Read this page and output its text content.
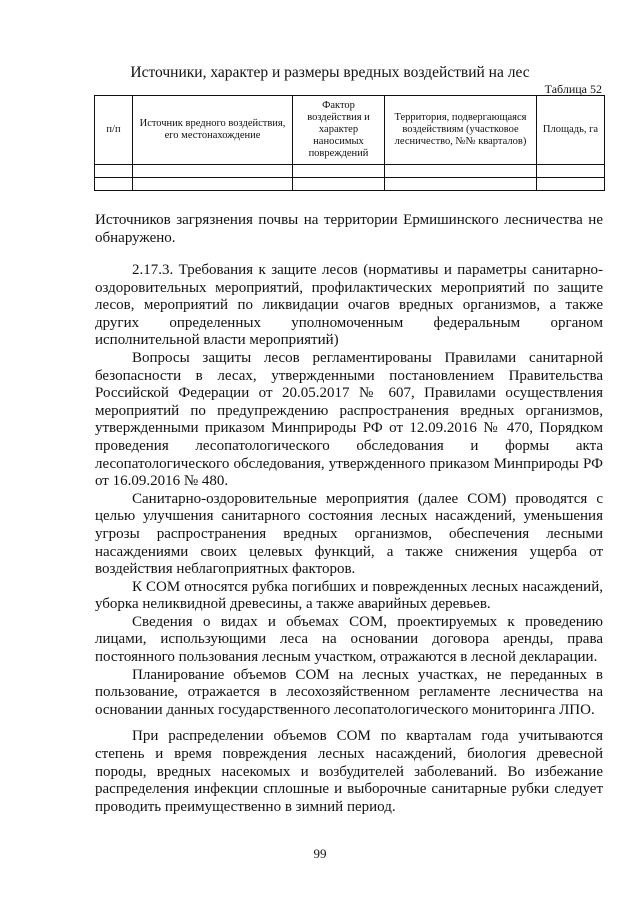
Источники, характер и размеры вредных воздействий на лес
Таблица 52
п/п	Источник вредного воздействия, его местонахождение	Фактор воздействия и характер наносимых повреждений	Территория, подвергающаяся воздействиям (участковое лесничество, №№ кварталов)	Площадь, га

Источников загрязнения почвы на территории Ермишинского лесничества не обнаружено.

2.17.3. Требования к защите лесов (нормативы и параметры санитарно-оздоровительных мероприятий, профилактических мероприятий по защите лесов, мероприятий по ликвидации очагов вредных организмов, а также других определенных уполномоченным федеральным органом исполнительной власти мероприятий)

Вопросы защиты лесов регламентированы Правилами санитарной безопасности в лесах, утвержденными постановлением Правительства Российской Федерации от 20.05.2017 № 607, Правилами осуществления мероприятий по предупреждению распространения вредных организмов, утвержденными приказом Минприроды РФ от 12.09.2016 № 470, Порядком проведения лесопатологического обследования и формы акта лесопатологического обследования, утвержденного приказом Минприроды РФ от 16.09.2016 № 480.

Санитарно-оздоровительные мероприятия (далее СОМ) проводятся с целью улучшения санитарного состояния лесных насаждений, уменьшения угрозы распространения вредных организмов, обеспечения лесными насаждениями своих целевых функций, а также снижения ущерба от воздействия неблагоприятных факторов.

К СОМ относятся рубка погибших и поврежденных лесных насаждений, уборка неликвидной древесины, а также аварийных деревьев.

Сведения о видах и объемах СОМ, проектируемых к проведению лицами, использующими леса на основании договора аренды, права постоянного пользования лесным участком, отражаются в лесной декларации.

Планирование объемов СОМ на лесных участках, не переданных в пользование, отражается в лесохозяйственном регламенте лесничества на основании данных государственного лесопатологического мониторинга ЛПО.

При распределении объемов СОМ по кварталам года учитываются степень и время повреждения лесных насаждений, биология древесной породы, вредных насекомых и возбудителей заболеваний. Во избежание распределения инфекции сплошные и выборочные санитарные рубки следует проводить преимущественно в зимний период.

99
